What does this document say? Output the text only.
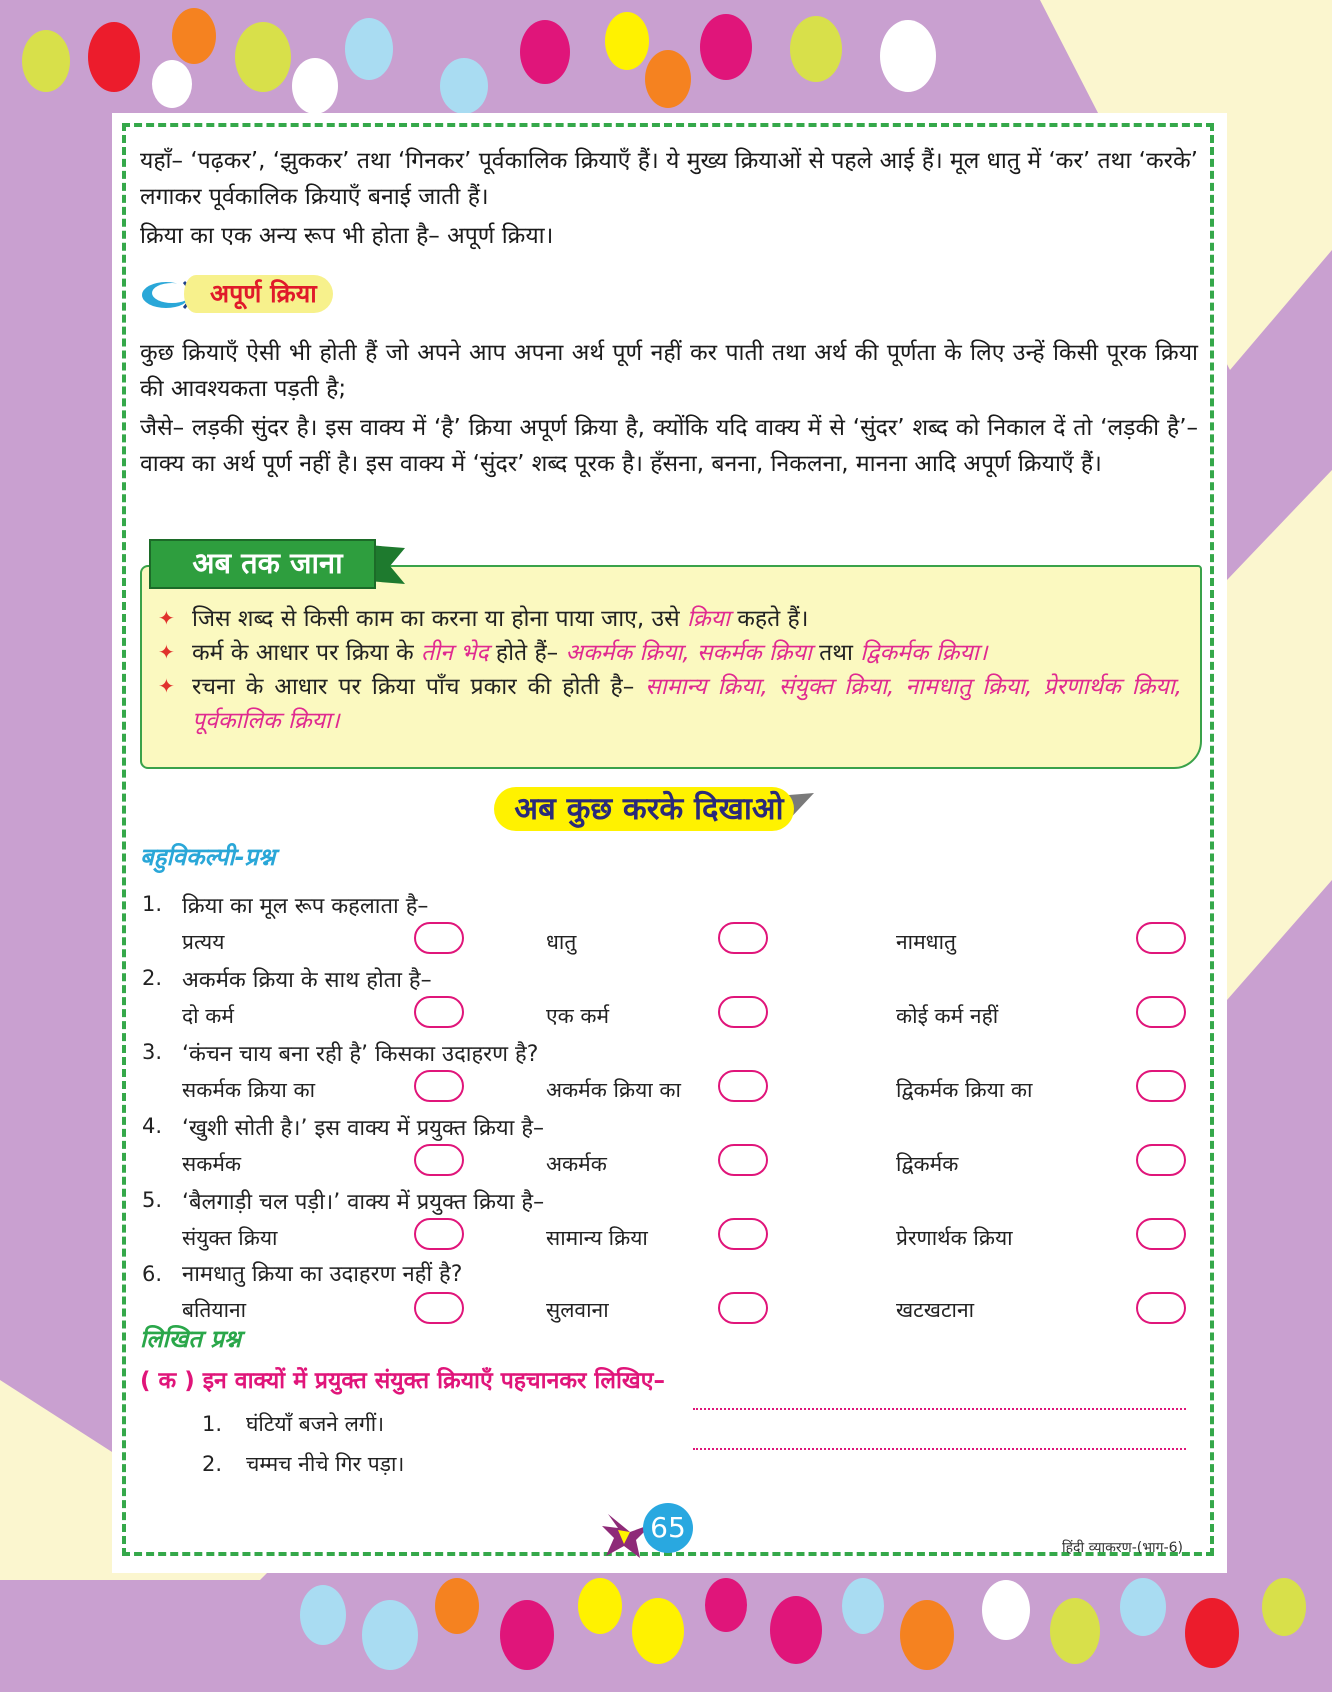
यहाँ– ‘पढ़कर’, ‘झुककर’ तथा ‘गिनकर’ पूर्वकालिक क्रियाएँ हैं। ये मुख्य क्रियाओं से पहले आई हैं। मूल धातु में ‘कर’ तथा ‘करके’ लगाकर पूर्वकालिक क्रियाएँ बनाई जाती हैं।
क्रिया का एक अन्य रूप भी होता है– अपूर्ण क्रिया।
अपूर्ण क्रिया
कुछ क्रियाएँ ऐसी भी होती हैं जो अपने आप अपना अर्थ पूर्ण नहीं कर पाती तथा अर्थ की पूर्णता के लिए उन्हें किसी पूरक क्रिया की आवश्यकता पड़ती है;
जैसे– लड़की सुंदर है। इस वाक्य में ‘है’ क्रिया अपूर्ण क्रिया है, क्योंकि यदि वाक्य में से ‘सुंदर’ शब्द को निकाल दें तो ‘लड़की है’– वाक्य का अर्थ पूर्ण नहीं है। इस वाक्य में ‘सुंदर’ शब्द पूरक है। हँसना, बनना, निकलना, मानना आदि अपूर्ण क्रियाएँ हैं।
अब तक जाना
✦ जिस शब्द से किसी काम का करना या होना पाया जाए, उसे क्रिया कहते हैं।
✦ कर्म के आधार पर क्रिया के तीन भेद होते हैं– अकर्मक क्रिया, सकर्मक क्रिया तथा द्विकर्मक क्रिया।
✦ रचना के आधार पर क्रिया पाँच प्रकार की होती है– सामान्य क्रिया, संयुक्त क्रिया, नामधातु क्रिया, प्रेरणार्थक क्रिया, पूर्वकालिक क्रिया।
अब कुछ करके दिखाओ
बहुविकल्पी-प्रश्न
1. क्रिया का मूल रूप कहलाता है–
प्रत्यय	धातु	नामधातु
2. अकर्मक क्रिया के साथ होता है–
दो कर्म	एक कर्म	कोई कर्म नहीं
3. ‘कंचन चाय बना रही है’ किसका उदाहरण है?
सकर्मक क्रिया का	अकर्मक क्रिया का	द्विकर्मक क्रिया का
4. ‘खुशी सोती है।’ इस वाक्य में प्रयुक्त क्रिया है–
सकर्मक	अकर्मक	द्विकर्मक
5. ‘बैलगाड़ी चल पड़ी।’ वाक्य में प्रयुक्त क्रिया है–
संयुक्त क्रिया	सामान्य क्रिया	प्रेरणार्थक क्रिया
6. नामधातु क्रिया का उदाहरण नहीं है?
बतियाना	सुलवाना	खटखटाना
लिखित प्रश्न
( क ) इन वाक्यों में प्रयुक्त संयुक्त क्रियाएँ पहचानकर लिखिए–
1. घंटियाँ बजने लगीं।
2. चम्मच नीचे गिर पड़ा।
65
हिंदी व्याकरण-(भाग-6)
